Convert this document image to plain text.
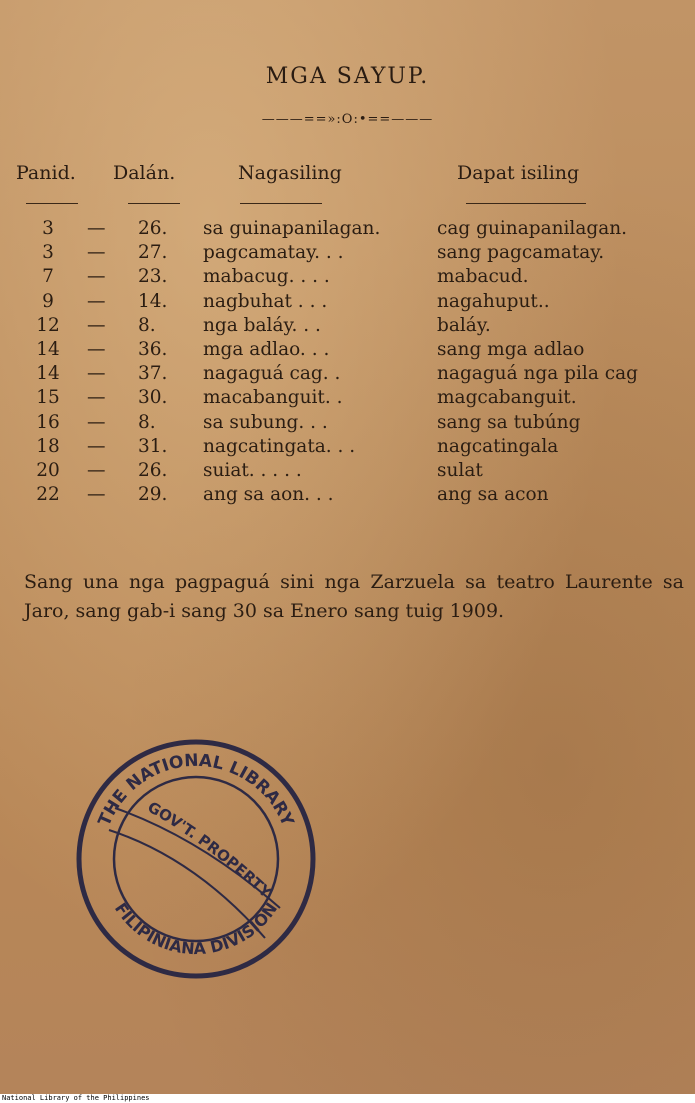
MGA SAYUP.
———==»:O:•==———
Panid. Dalán.	Nagasiling	Dapat isiling
3	— 26. sa guinapanilagan.	cag guinapanilagan.
3	— 27. pagcamatay. . .	sang pagcamatay.
7	— 23. mabacug. . . .	mabacud.
9	— 14. nagbuhat . . .	nagahuput..
12	— 8.	nga baláy. . .	baláy.
14	— 36. mga adlao. . .	sang mga adlao
14	— 37. nagaguá cag. .	nagaguá nga pila cag
15	— 30. macabanguit. .	magcabanguit.
16	— 8.	sa subung. . .	sang sa tubúng
18	— 31. nagcatingata. . .	nagcatingala
20	— 26. suiat. . . . .	sulat
22	— 29. ang sa aon. . .	ang sa acon
Sang una nga pagpaguá sini nga Zarzuela sa teatro Laurente sa Jaro, sang gab-i sang 30 sa Enero sang tuig 1909.
THE NATIONAL LIBRARY
FILIPINIANA DIVISION
GOV'T. PROPERTY
National Library of the Philippines
